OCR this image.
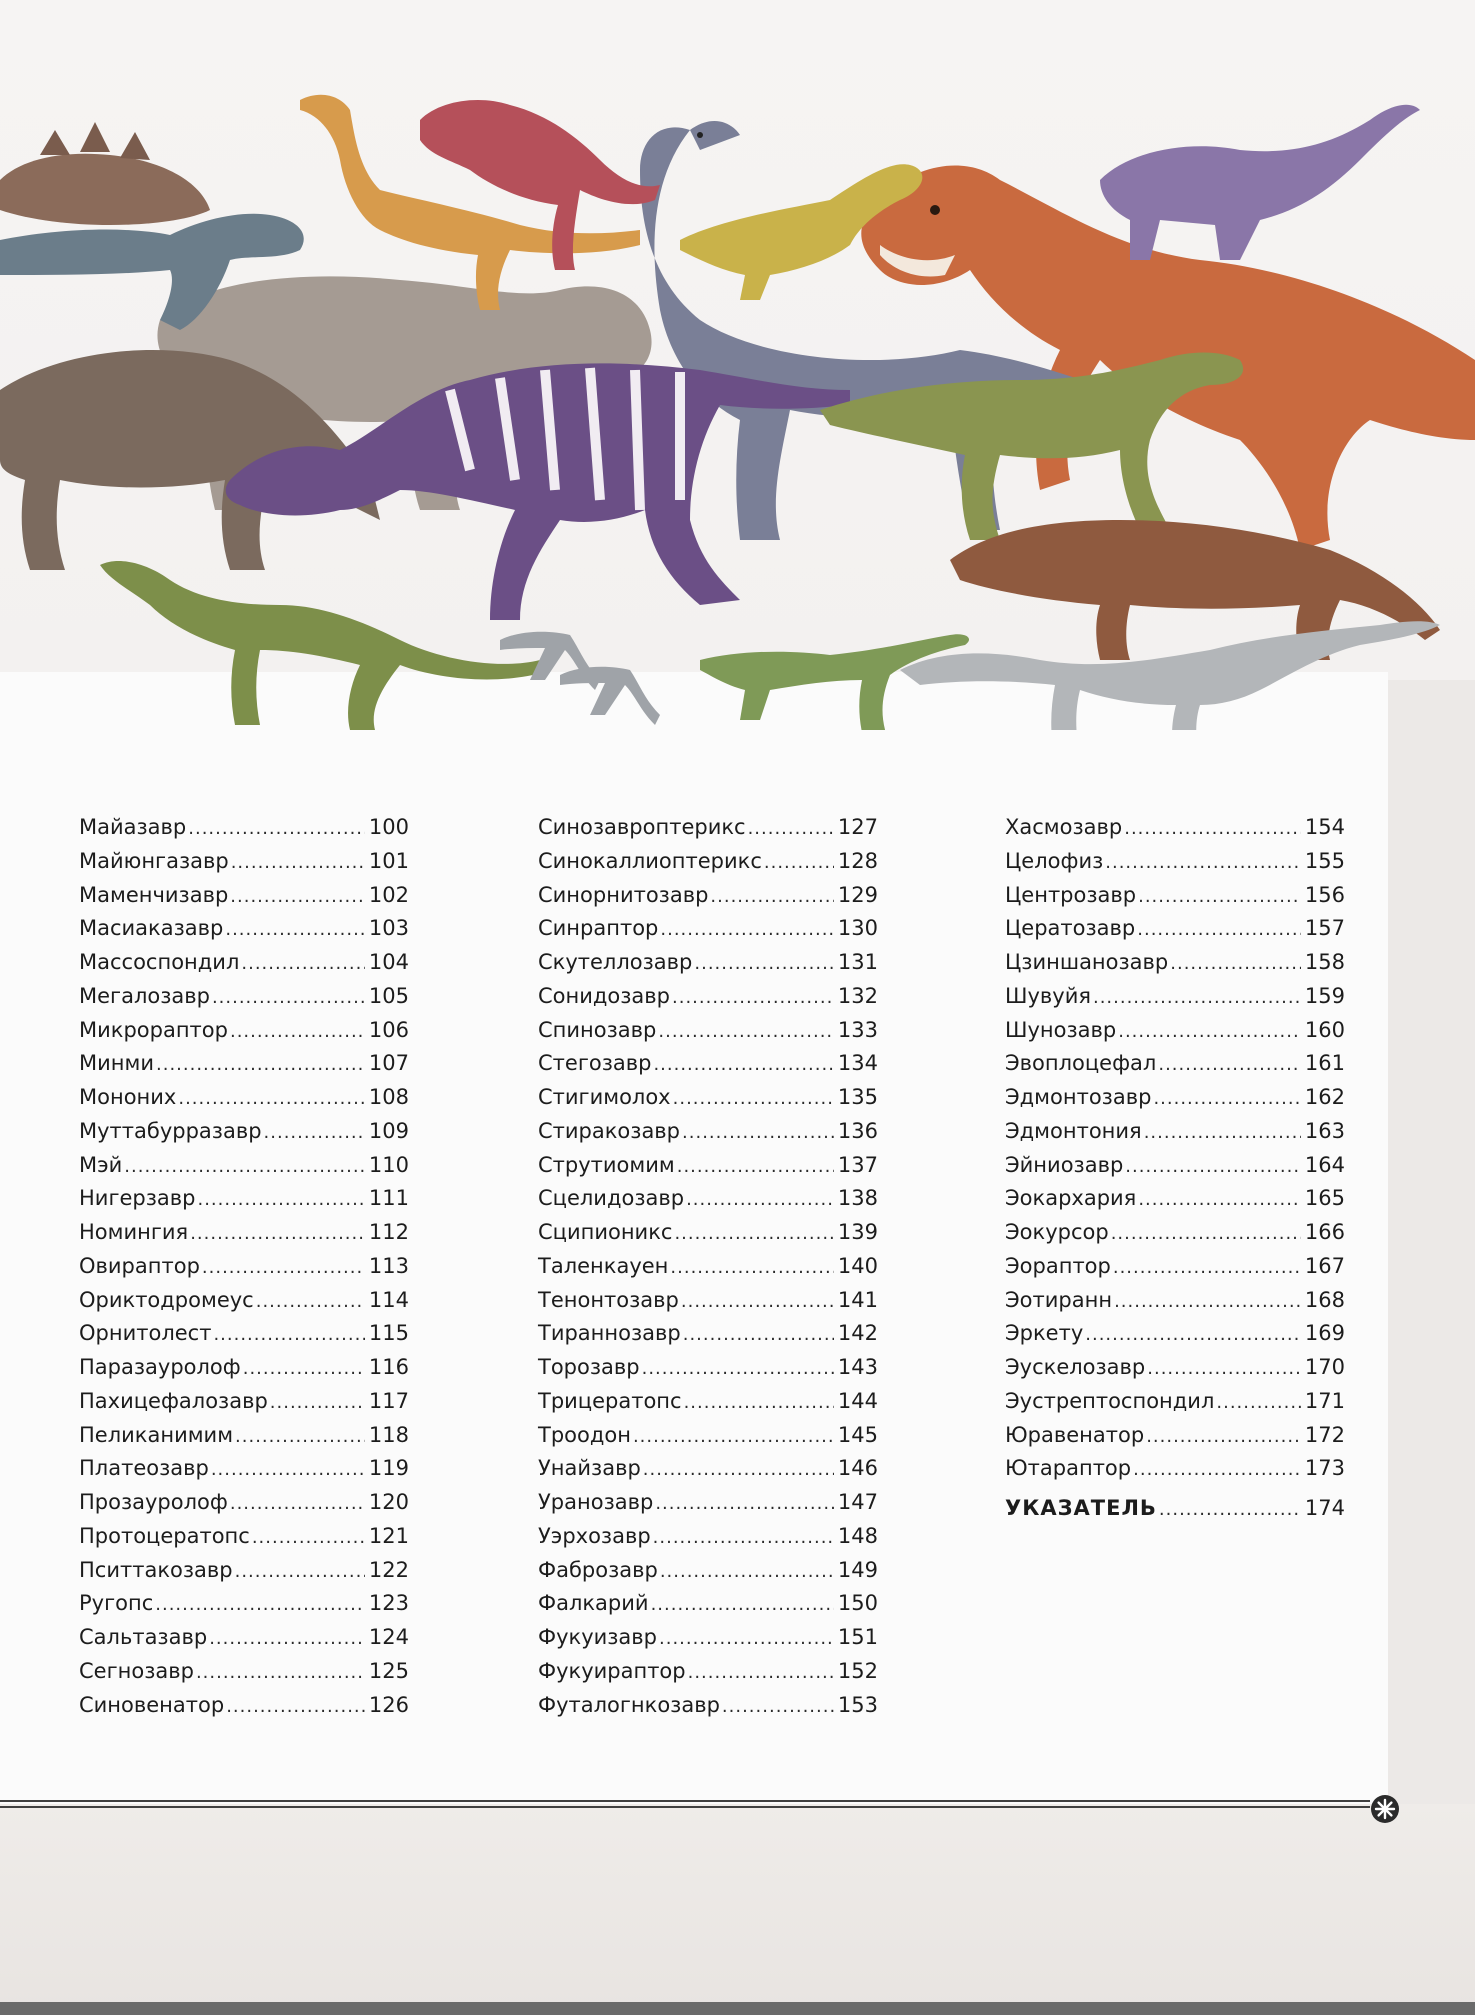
Майазавр .....	100
Майюнгазавр .....	101
Маменчизавр .....	102
Масиаказавр .....	103
Массоспондил .....	104
Мегалозавр .....	105
Микрораптор .....	106
Минми .....	107
Мононих .....	108
Муттабурразавр .....	109
Мэй .....	110
Нигерзавр .....	111
Номингия .....	112
Овираптор .....	113
Ориктодромеус .....	114
Орнитолест .....	115
Паразауролоф .....	116
Пахицефалозавр .....	117
Пеликанимим .....	118
Платеозавр .....	119
Прозауролоф .....	120
Протоцератопс .....	121
Пситтакозавр .....	122
Ругопс .....	123
Сальтазавр .....	124
Сегнозавр .....	125
Синовенатор .....	126
Синозавроптерикс .....	127
Синокаллиоптерикс .....	128
Синорнитозавр .....	129
Синраптор .....	130
Скутеллозавр .....	131
Сонидозавр .....	132
Спинозавр .....	133
Стегозавр .....	134
Стигимолох .....	135
Стиракозавр .....	136
Струтиомим .....	137
Сцелидозавр .....	138
Сципионикс .....	139
Таленкауен .....	140
Тенонтозавр .....	141
Тираннозавр .....	142
Торозавр .....	143
Трицератопс .....	144
Троодон .....	145
Унайзавр .....	146
Уранозавр .....	147
Уэрхозавр .....	148
Фаброзавр .....	149
Фалкарий .....	150
Фукуизавр .....	151
Фукуираптор .....	152
Футалогнкозавр .....	153
Хасмозавр .....	154
Целофиз .....	155
Центрозавр .....	156
Цератозавр .....	157
Цзиншанозавр .....	158
Шувуйя .....	159
Шунозавр .....	160
Эвоплоцефал .....	161
Эдмонтозавр .....	162
Эдмонтония .....	163
Эйниозавр .....	164
Эокархария .....	165
Эокурсор .....	166
Эораптор .....	167
Эотиранн .....	168
Эркету .....	169
Эускелозавр .....	170
Эустрептоспондил .....	171
Юравенатор .....	172
Ютараптор .....	173
УКАЗАТЕЛЬ .....	174
